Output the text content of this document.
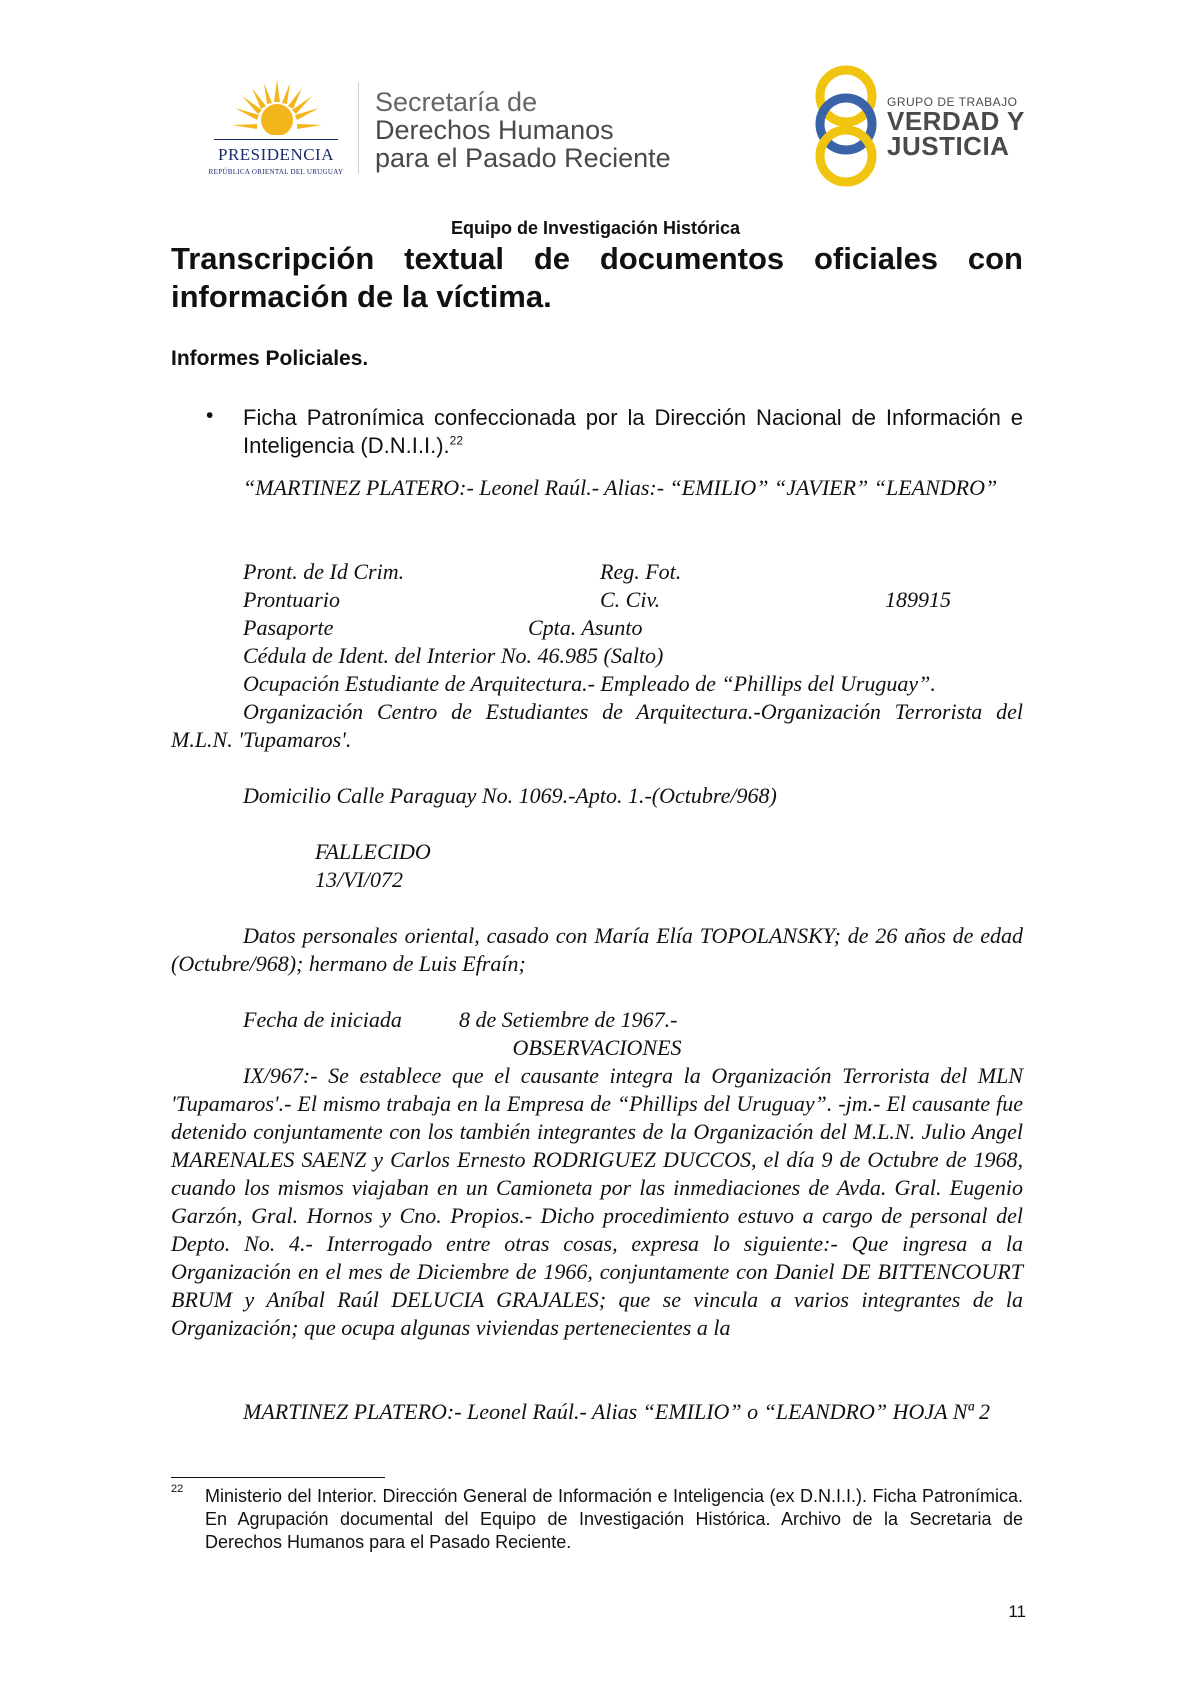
PRESIDENCIA
REPÚBLICA ORIENTAL DEL URUGUAY
Secretaría de
Derechos Humanos
para el Pasado Reciente
GRUPO DE TRABAJO
VERDAD Y
JUSTICIA
Equipo de Investigación Histórica
Transcripción textual de documentos oficiales con información de la víctima.
Informes Policiales.
• Ficha Patronímica confeccionada por la Dirección Nacional de Información e Inteligencia (D.N.I.I.).$^{22}$
“MARTINEZ PLATERO:- Leonel Raúl.- Alias:- “EMILIO” “JAVIER” “LEANDRO”
Pront. de Id Crim.	Reg. Fot.
Prontuario	C. Civ.	189915
Pasaporte	Cpta. Asunto
Cédula de Ident. del Interior No. 46.985 (Salto)
Ocupación Estudiante de Arquitectura.- Empleado de “Phillips del Uruguay”.
Organización Centro de Estudiantes de Arquitectura.-Organización Terrorista del M.L.N. 'Tupamaros'.
Domicilio Calle Paraguay No. 1069.-Apto. 1.-(Octubre/968)
FALLECIDO
13/VI/072
Datos personales oriental, casado con María Elía TOPOLANSKY; de 26 años de edad (Octubre/968); hermano de Luis Efraín;
Fecha de iniciada	8 de Setiembre de 1967.-
OBSERVACIONES
IX/967:- Se establece que el causante integra la Organización Terrorista del MLN 'Tupamaros'.- El mismo trabaja en la Empresa de “Phillips del Uruguay”. -jm.- El causante fue detenido conjuntamente con los también integrantes de la Organización del M.L.N. Julio Angel MARENALES SAENZ y Carlos Ernesto RODRIGUEZ DUCCOS, el día 9 de Octubre de 1968, cuando los mismos viajaban en un Camioneta por las inmediaciones de Avda. Gral. Eugenio Garzón, Gral. Hornos y Cno. Propios.- Dicho procedimiento estuvo a cargo de personal del Depto. No. 4.- Interrogado entre otras cosas, expresa lo siguiente:- Que ingresa a la Organización en el mes de Diciembre de 1966, conjuntamente con Daniel DE BITTENCOURT BRUM y Aníbal Raúl DELUCIA GRAJALES; que se vincula a varios integrantes de la Organización; que ocupa algunas viviendas pertenecientes a la
MARTINEZ PLATERO:- Leonel Raúl.- Alias “EMILIO” o “LEANDRO” HOJA Nª 2
22 Ministerio del Interior. Dirección General de Información e Inteligencia (ex D.N.I.I.). Ficha Patronímica. En Agrupación documental del Equipo de Investigación Histórica. Archivo de la Secretaria de Derechos Humanos para el Pasado Reciente.
11
